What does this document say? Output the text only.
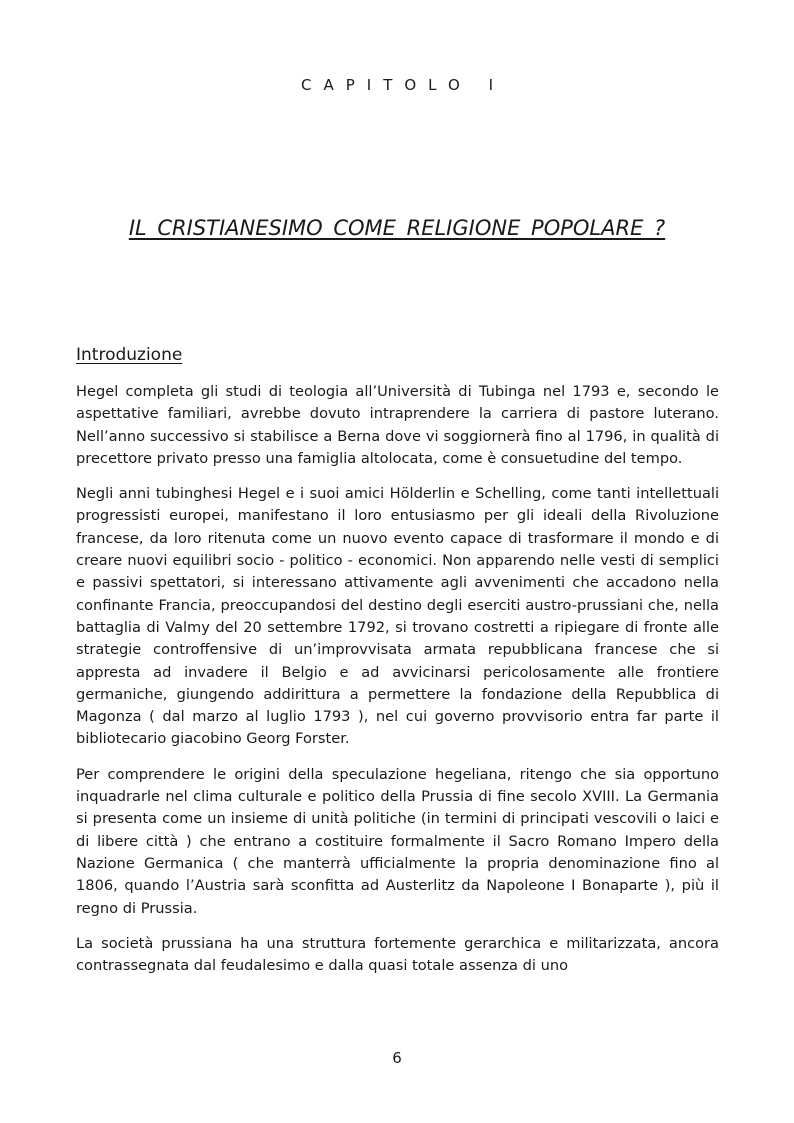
CAPITOLO I
IL CRISTIANESIMO COME RELIGIONE POPOLARE ?
Introduzione

Hegel completa gli studi di teologia all’Università di Tubinga nel 1793 e, secondo le aspettative familiari, avrebbe dovuto intraprendere la carriera di pastore luterano. Nell’anno successivo si stabilisce a Berna dove vi soggiornerà fino al 1796, in qualità di precettore privato presso una famiglia altolocata, come è consuetudine del tempo.

Negli anni tubinghesi Hegel e i suoi amici Hölderlin e Schelling, come tanti intellettuali progressisti europei, manifestano il loro entusiasmo per gli ideali della Rivoluzione francese, da loro ritenuta come un nuovo evento capace di trasformare il mondo e di creare nuovi equilibri socio - politico - economici. Non apparendo nelle vesti di semplici e passivi spettatori, si interessano attivamente agli avvenimenti che accadono nella confinante Francia, preoccupandosi del destino degli eserciti austro-prussiani che, nella battaglia di Valmy del 20 settembre 1792, si trovano costretti a ripiegare di fronte alle strategie controffensive di un’improvvisata armata repubblicana francese che si appresta ad invadere il Belgio e ad avvicinarsi pericolosamente alle frontiere germaniche, giungendo addirittura a permettere la fondazione della Repubblica di Magonza ( dal marzo al luglio 1793 ), nel cui governo provvisorio entra far parte il bibliotecario giacobino Georg Forster.

Per comprendere le origini della speculazione hegeliana, ritengo che sia opportuno inquadrarle nel clima culturale e politico della Prussia di fine secolo XVIII. La Germania si presenta come un insieme di unità politiche (in termini di principati vescovili o laici e di libere città ) che entrano a costituire formalmente il Sacro Romano Impero della Nazione Germanica ( che manterrà ufficialmente la propria denominazione fino al 1806, quando l’Austria sarà sconfitta ad Austerlitz da Napoleone I Bonaparte ), più il regno di Prussia.

La società prussiana ha una struttura fortemente gerarchica e militarizzata, ancora contrassegnata dal feudalesimo e dalla quasi totale assenza di uno

6
